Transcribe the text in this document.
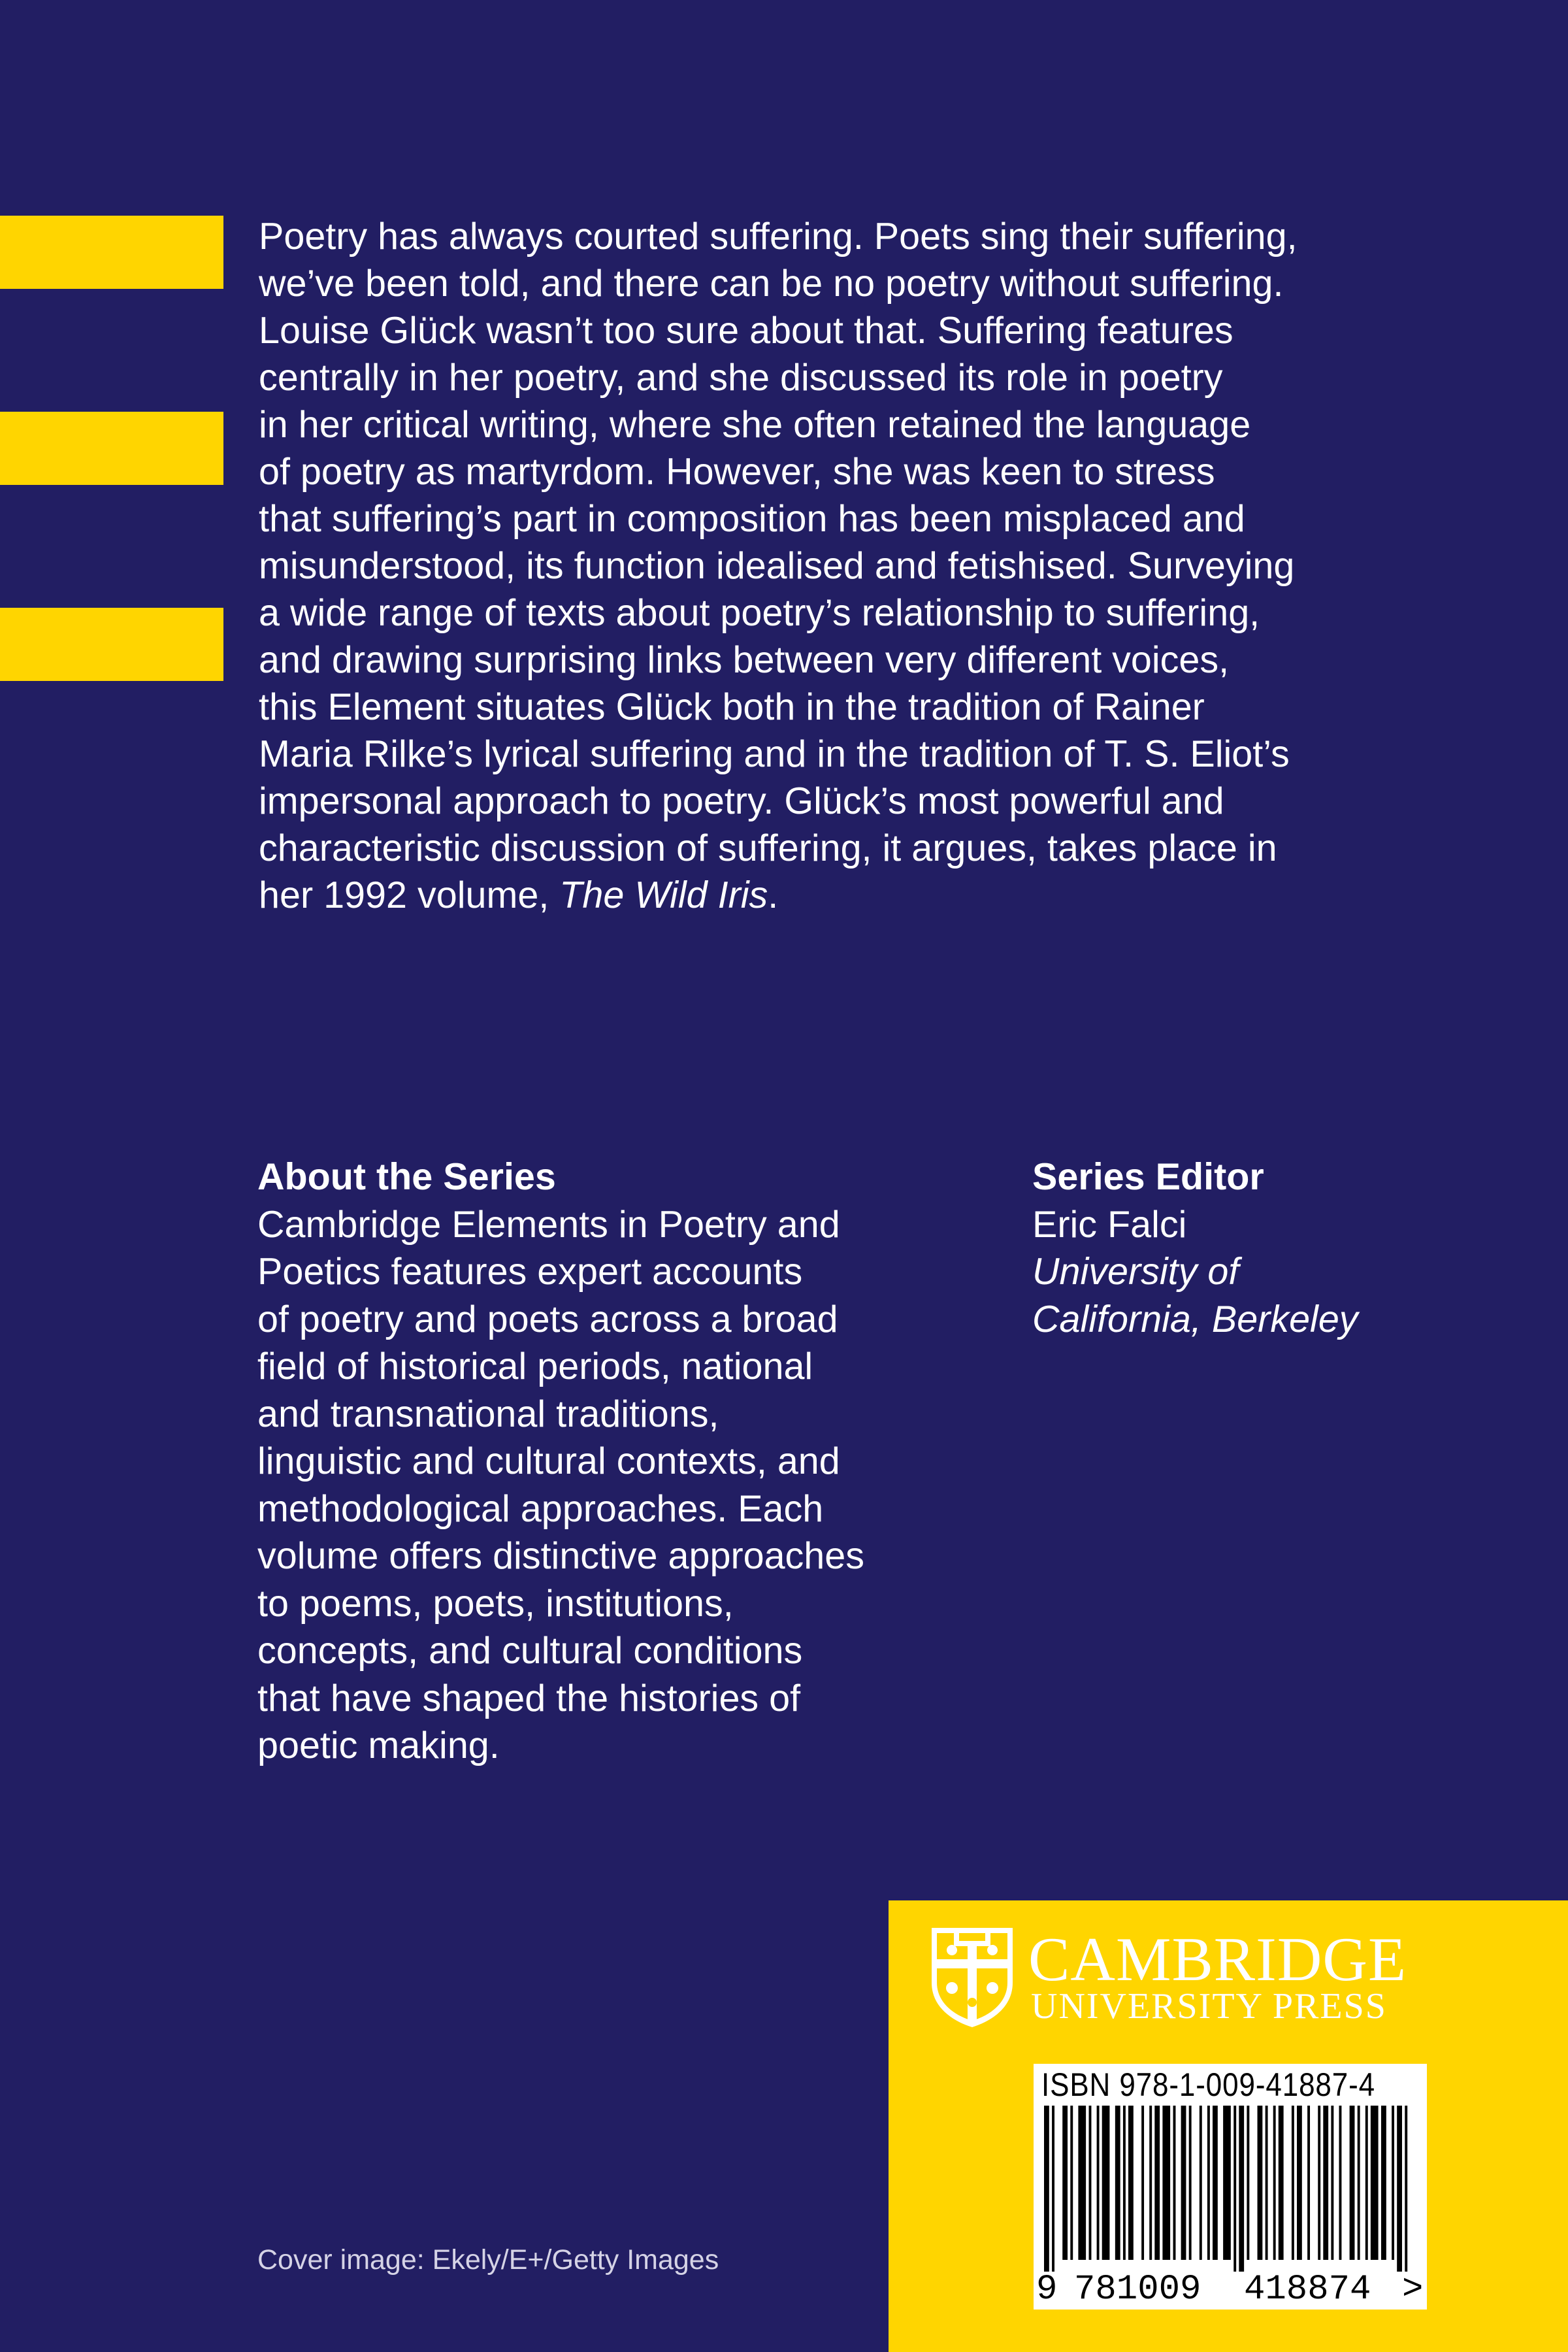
Poetry has always courted suffering. Poets sing their suffering,
we’ve been told, and there can be no poetry without suffering.
Louise Glück wasn’t too sure about that. Suffering features
centrally in her poetry, and she discussed its role in poetry
in her critical writing, where she often retained the language
of poetry as martyrdom. However, she was keen to stress
that suffering’s part in composition has been misplaced and
misunderstood, its function idealised and fetishised. Surveying
a wide range of texts about poetry’s relationship to suffering,
and drawing surprising links between very different voices,
this Element situates Glück both in the tradition of Rainer
Maria Rilke’s lyrical suffering and in the tradition of T. S. Eliot’s
impersonal approach to poetry. Glück’s most powerful and
characteristic discussion of suffering, it argues, takes place in
her 1992 volume, The Wild Iris.

About the Series

Cambridge Elements in Poetry and
Poetics features expert accounts
of poetry and poets across a broad
field of historical periods, national
and transnational traditions,
linguistic and cultural contexts, and
methodological approaches. Each
volume offers distinctive approaches
to poems, poets, institutions,
concepts, and cultural conditions
that have shaped the histories of
poetic making.

Series Editor
Eric Falci
University of
California, Berkeley
Cover image: Ekely/E+/Getty Images
CAMBRIDGE
UNIVERSITY PRESS
ISBN 978-1-009-41887-4
9 781009 418874 >
